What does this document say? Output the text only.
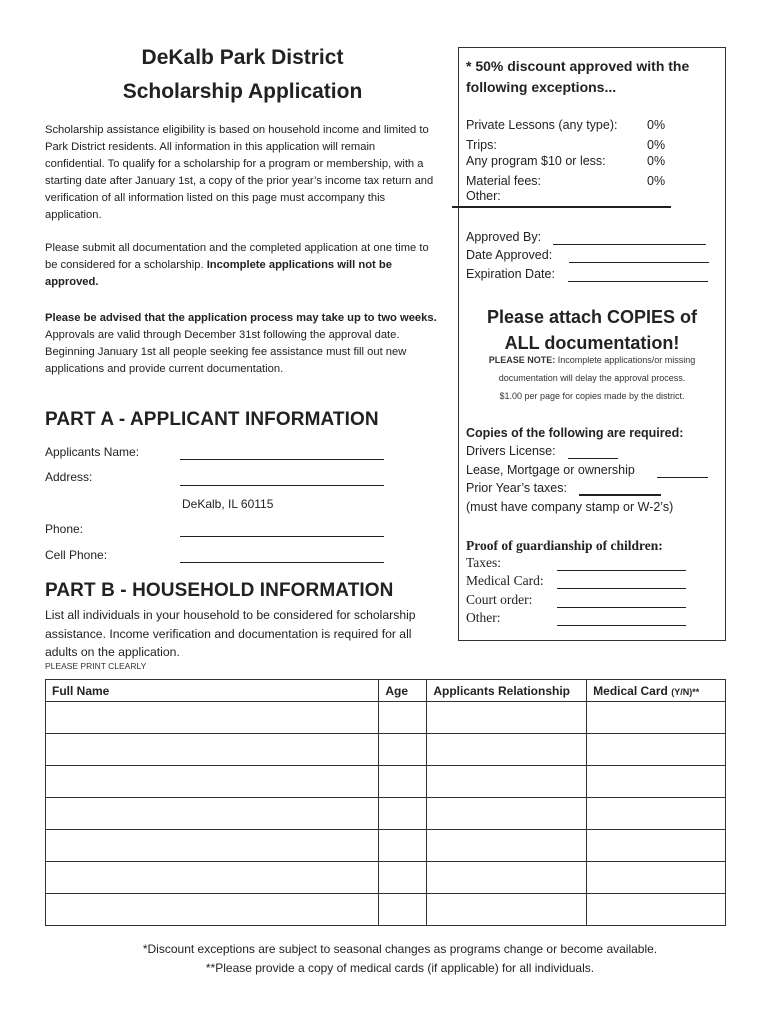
DeKalb Park District
Scholarship Application
Scholarship assistance eligibility is based on household income and limited to Park District residents. All information in this application will remain confidential. To qualify for a scholarship for a program or membership, with a starting date after January 1st, a copy of the prior year’s income tax return and verification of all information listed on this page must accompany this application.
Please submit all documentation and the completed application at one time to be considered for a scholarship. Incomplete applications will not be approved.
Please be advised that the application process may take up to two weeks. Approvals are valid through December 31st following the approval date. Beginning January 1st all people seeking fee assistance must fill out new applications and provide current documentation.
PART A - APPLICANT INFORMATION
Applicants Name:
Address:
DeKalb, IL 60115
Phone:
Cell Phone:
PART B - HOUSEHOLD INFORMATION
List all individuals in your household to be considered for scholarship assistance. Income verification and documentation is required for all adults on the application.
PLEASE PRINT CLEARLY
Full Name	Age	Applicants Relationship	Medical Card (Y/N)**

* 50% discount approved with the following exceptions...
Private Lessons (any type): 0%
Trips:	0%
Any program $10 or less:	0%
Material fees:	0%
Other:
Approved By:
Date Approved:
Expiration Date:
Please attach COPIES of
ALL documentation!
PLEASE NOTE: Incomplete applications/or missing
documentation will delay the approval process.
$1.00 per page for copies made by the district.
Copies of the following are required:
Drivers License:
Lease, Mortgage or ownership
Prior Year’s taxes:
(must have company stamp or W-2’s)
Proof of guardianship of children:
Taxes:
Medical Card:
Court order:
Other:
*Discount exceptions are subject to seasonal changes as programs change or become available.
**Please provide a copy of medical cards (if applicable) for all individuals.
